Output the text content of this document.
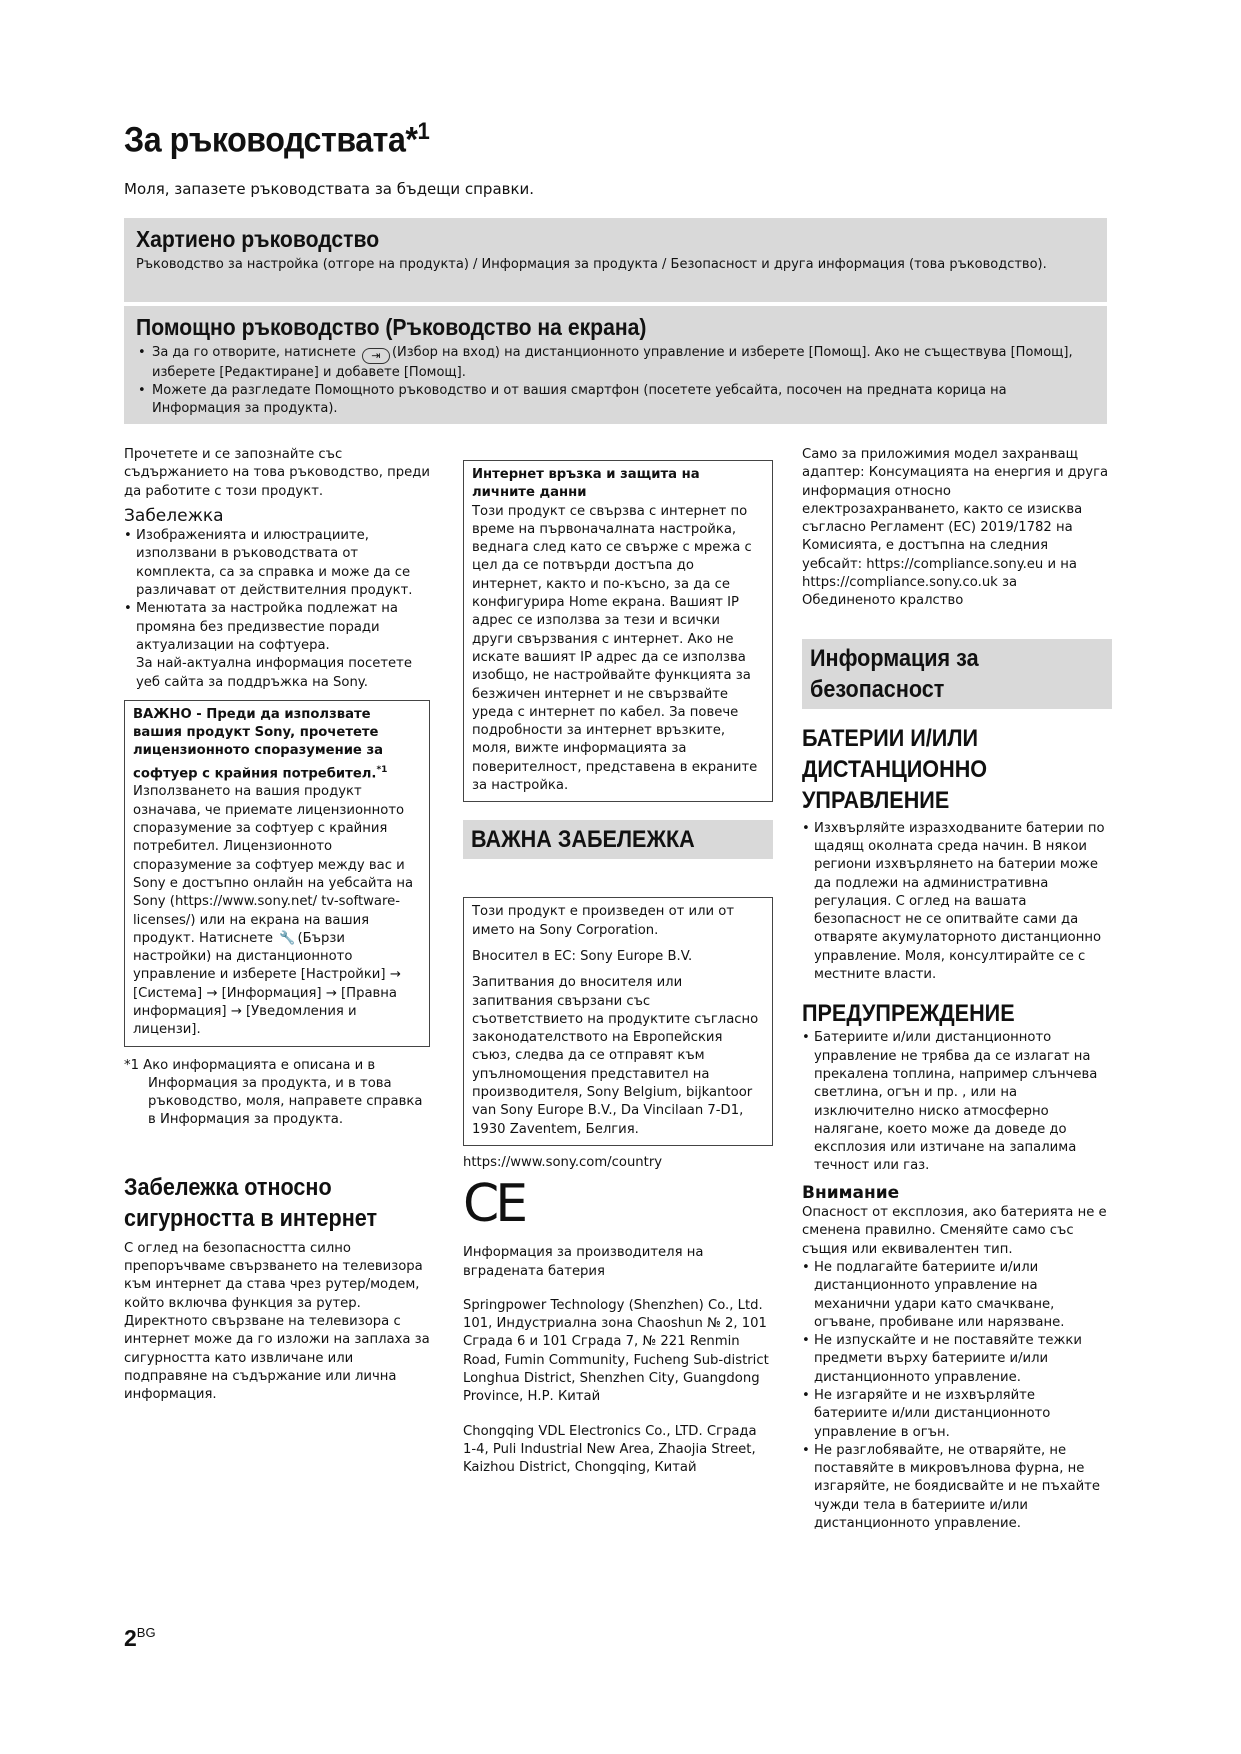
За ръководствата*$^1$
Моля, запазете ръководствата за бъдещи справки.
Хартиено ръководство

Ръководство за настройка (отгоре на продукта) / Информация за продукта / Безопасност и друга информация (това ръководство).

Помощно ръководство (Ръководство на екрана)
• За да го отворите, натиснете ⇥ (Избор на вход) на дистанционното управление и изберете [Помощ]. Ако не съществува [Помощ], изберете [Редактиране] и добавете [Помощ].
• Можете да разгледате Помощното ръководство и от вашия смартфон (посетете уебсайта, посочен на предната корица на Информация за продукта).

Прочетете и се запознайте със съдържанието на това ръководство, преди да работите с този продукт.

Забележка
• Изображенията и илюстрациите, използвани в ръководствата от комплекта, са за справка и може да се различават от действителния продукт.
• Менютата за настройка подлежат на промяна без предизвестие поради актуализации на софтуера.
За най-актуална информация посетете уеб сайта за поддръжка на Sony.
ВАЖНО - Преди да използвате вашия продукт Sony, прочетете лицензионното споразумение за софтуер с крайния потребител.$^{*1}$
Използването на вашия продукт означава, че приемате лицензионното споразумение за софтуер с крайния потребител. Лицензионното споразумение за софтуер между вас и Sony е достъпно онлайн на уебсайта на Sony (https://www.sony.net/ tv-software-licenses/) или на екрана на вашия продукт. Натиснете 🔧 (Бързи настройки) на дистанционното управление и изберете [Настройки] → [Система] → [Информация] → [Правна информация] → [Уведомления и лицензи].

*1 Ако информацията е описана и в Информация за продукта, и в това ръководство, моля, направете справка в Информация за продукта.

Забележка относно сигурността в интернет

С оглед на безопасността силно препоръчваме свързването на телевизора към интернет да става чрез рутер/модем, който включва функция за рутер. Директното свързване на телевизора с интернет може да го изложи на заплаха за сигурността като извличане или подправяне на съдържание или лична информация.

Интернет връзка и защита на личните данни
Този продукт се свързва с интернет по време на първоначалната настройка, веднага след като се свърже с мрежа с цел да се потвърди достъпа до интернет, както и по-късно, за да се конфигурира Home екрана. Вашият IP адрес се използва за тези и всички други свързвания с интернет. Ако не искате вашият IP адрес да се използва изобщо, не настройвайте функцията за безжичен интернет и не свързвайте уреда с интернет по кабел. За повече подробности за интернет връзките, моля, вижте информацията за поверителност, представена в екраните за настройка.
ВАЖНА ЗАБЕЛЕЖКА

Този продукт е произведен от или от името на Sony Corporation.

Вносител в ЕС: Sony Europe B.V.

Запитвания до вносителя или запитвания свързани със съответствието на продуктите съгласно законодателството на Европейския съюз, следва да се отправят към упълномощения представител на производителя, Sony Belgium, bijkantoor van Sony Europe B.V., Da Vincilaan 7-D1, 1930 Zaventem, Белгия.

https://www.sony.com/country

CE

Информация за производителя на вградената батерия

Springpower Technology (Shenzhen) Co., Ltd.

101, Индустриална зона Chaoshun № 2, 101 Сграда 6 и 101 Сграда 7, № 221 Renmin Road, Fumin Community, Fucheng Sub-district Longhua District, Shenzhen City, Guangdong Province, Н.Р. Китай

Chongqing VDL Electronics Co., LTD. Сграда 1-4, Puli Industrial New Area, Zhaojia Street, Kaizhou District, Chongqing, Китай

Само за приложимия модел захранващ адаптер: Консумацията на енергия и друга информация относно електрозахранването, както се изисква съгласно Регламент (ЕС) 2019/1782 на Комисията, е достъпна на следния уебсайт: https://compliance.sony.eu и на https://compliance.sony.co.uk за Обединеното кралство

Информация за безопасност
БАТЕРИИ И/ИЛИ ДИСТАНЦИОННО УПРАВЛЕНИЕ
• Изхвърляйте изразходваните батерии по щадящ околната среда начин. В някои региони изхвърлянето на батерии може да подлежи на административна регулация. С оглед на вашата безопасност не се опитвайте сами да отваряте акумулаторното дистанционно управление. Моля, консултирайте се с местните власти.
ПРЕДУПРЕЖДЕНИЕ
• Батериите и/или дистанционното управление не трябва да се излагат на прекалена топлина, например слънчева светлина, огън и пр. , или на изключително ниско атмосферно налягане, което може да доведе до експлозия или изтичане на запалима течност или газ.
Внимание

Опасност от експлозия, ако батерията не е сменена правилно. Сменяйте само със същия или еквивалентен тип.

• Не подлагайте батериите и/или дистанционното управление на механични удари като смачкване, огъване, пробиване или нарязване.
• Не изпускайте и не поставяйте тежки предмети върху батериите и/или дистанционното управление.
• Не изгаряйте и не изхвърляйте батериите и/или дистанционното управление в огън.
• Не разглобявайте, не отваряйте, не поставяйте в микровълнова фурна, не изгаряйте, не боядисвайте и не пъхайте чужди тела в батериите и/или дистанционното управление.
$2^{BG}$
